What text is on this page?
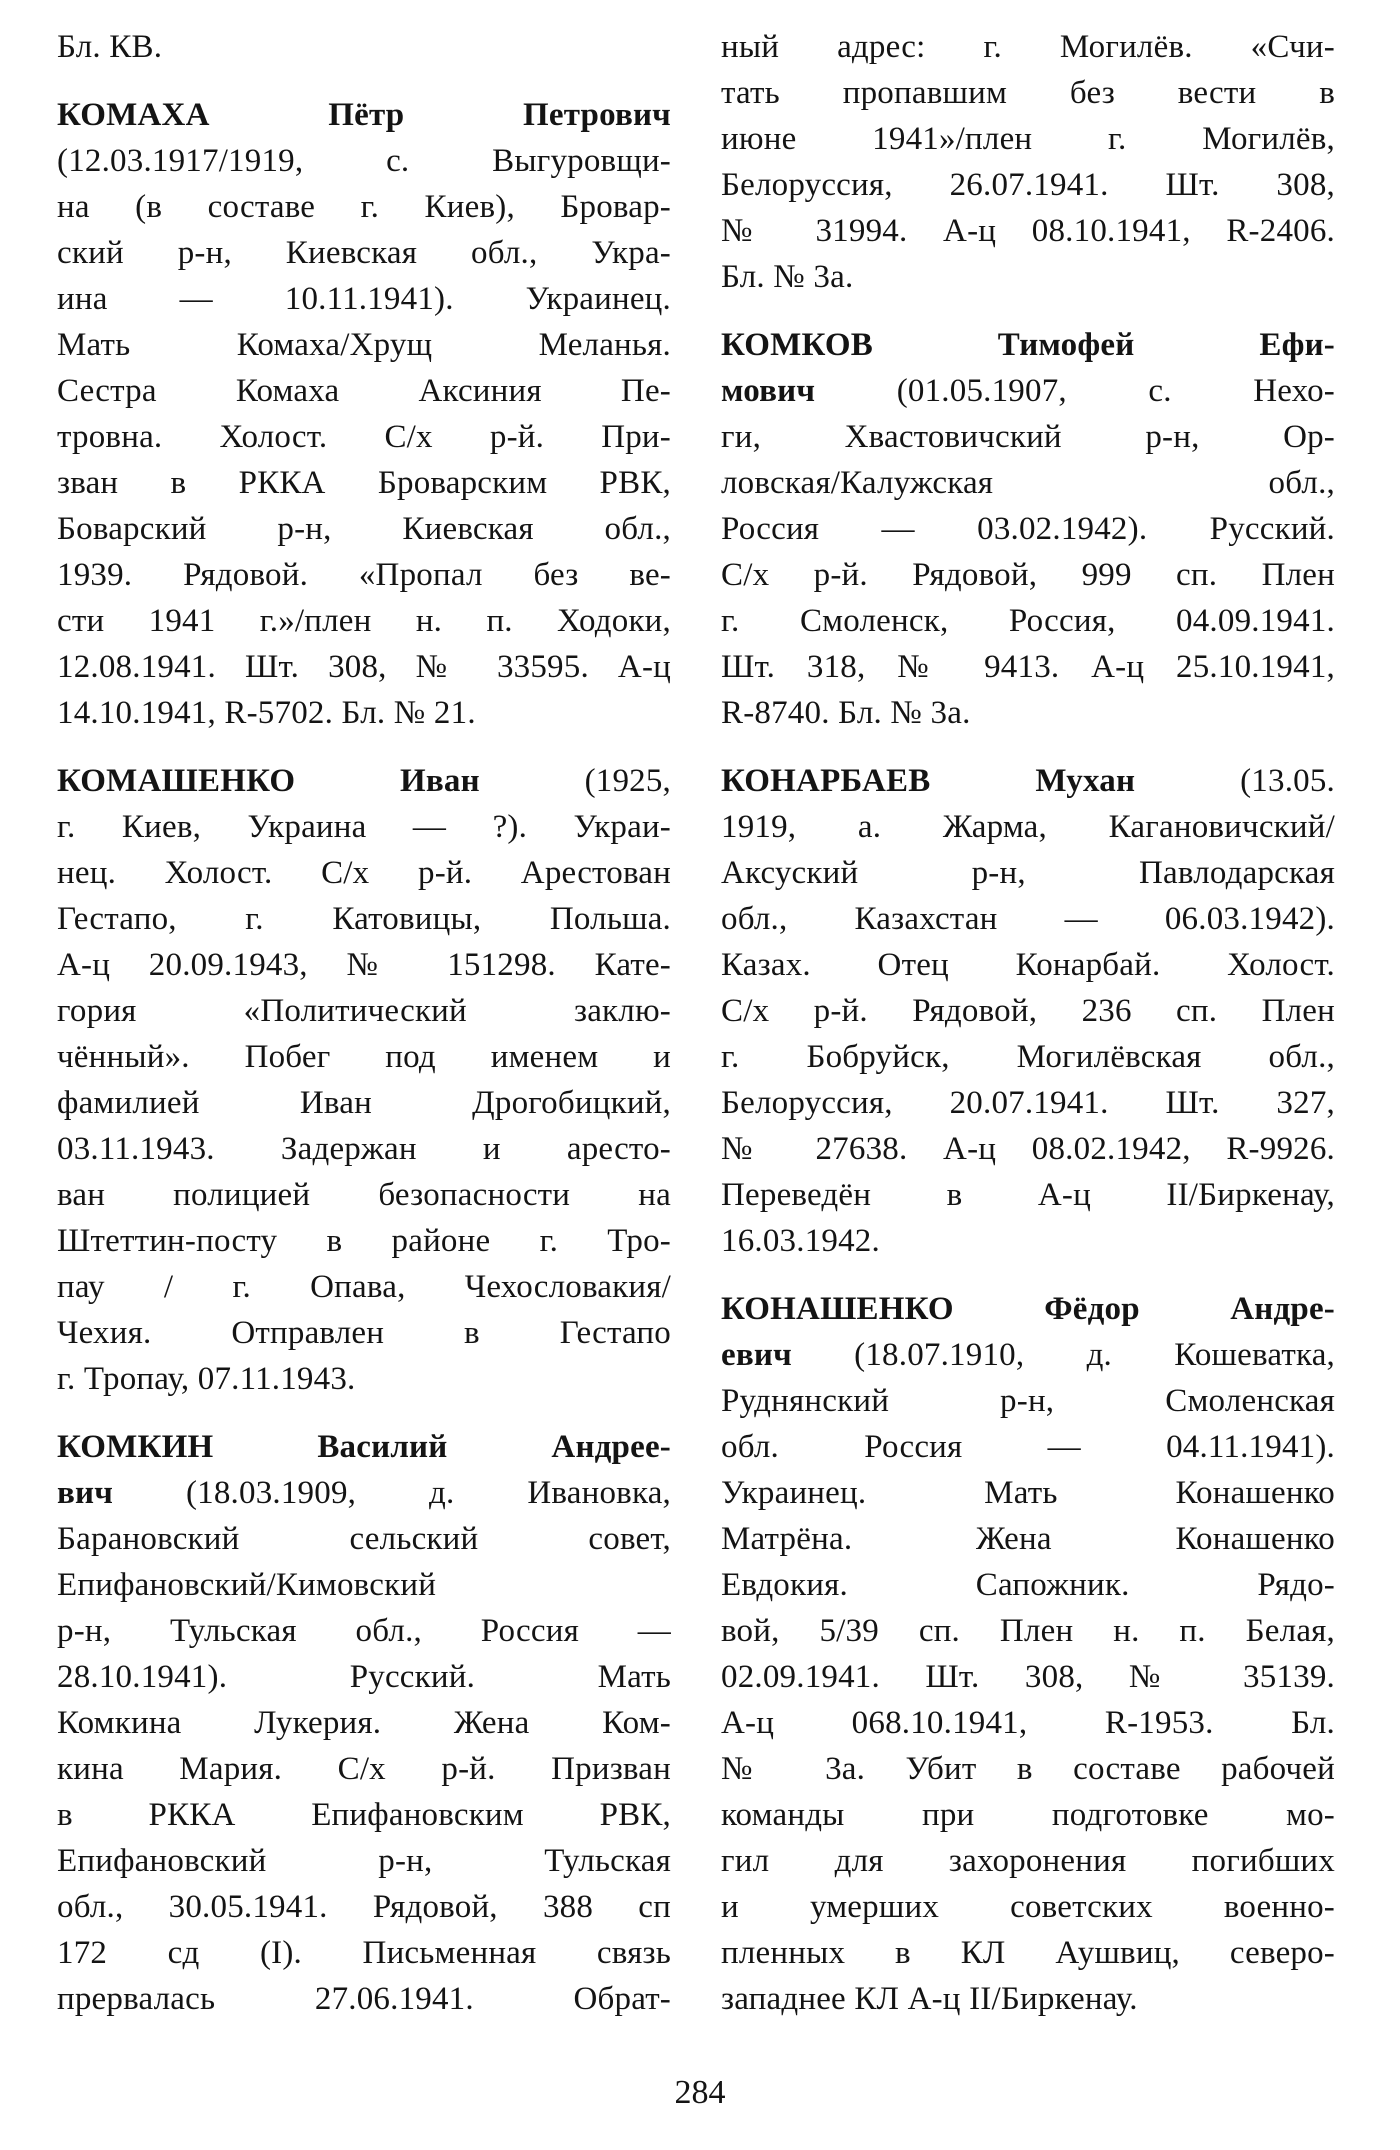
Бл. КВ.
КОМАХА Пётр Петрович
(12.03.1917/1919, с. Выгуровщи-
на (в составе г. Киев), Бровар-
ский р-н, Киевская обл., Укра-
ина — 10.11.1941). Украинец.
Мать Комаха/Хрущ Меланья.
Сестра Комаха Аксиния Пе-
тровна. Холост. С/х р-й. При-
зван в РККА Броварским РВК,
Боварский р-н, Киевская обл.,
1939. Рядовой. «Пропал без ве-
сти 1941 г.»/плен н. п. Ходоки,
12.08.1941. Шт. 308, № 33595. А-ц
14.10.1941, R-5702. Бл. № 21.
КОМАШЕНКО Иван (1925,
г. Киев, Украина — ?). Украи-
нец. Холост. С/х р-й. Арестован
Гестапо, г. Катовицы, Польша.
А-ц 20.09.1943, № 151298. Кате-
гория «Политический заклю-
чённый». Побег под именем и
фамилией Иван Дрогобицкий,
03.11.1943. Задержан и аресто-
ван полицией безопасности на
Штеттин-посту в районе г. Тро-
пау / г. Опава, Чехословакия/
Чехия. Отправлен в Гестапо
г. Тропау, 07.11.1943.
КОМКИН Василий Андрее-
вич (18.03.1909, д. Ивановка,
Барановский сельский совет,
Епифановский/Кимовский
р-н, Тульская обл., Россия —
28.10.1941). Русский. Мать
Комкина Лукерия. Жена Ком-
кина Мария. С/х р-й. Призван
в РККА Епифановским РВК,
Епифановский р-н, Тульская
обл., 30.05.1941. Рядовой, 388 сп
172 сд (I). Письменная связь
прервалась 27.06.1941. Обрат-
ный адрес: г. Могилёв. «Счи-
тать пропавшим без вести в
июне 1941»/плен г. Могилёв,
Белоруссия, 26.07.1941. Шт. 308,
№ 31994. А-ц 08.10.1941, R-2406.
Бл. № 3а.
КОМКОВ Тимофей Ефи-
мович (01.05.1907, с. Нехо-
ги, Хвастовичский р-н, Ор-
ловская/Калужская обл.,
Россия — 03.02.1942). Русский.
С/х р-й. Рядовой, 999 сп. Плен
г. Смоленск, Россия, 04.09.1941.
Шт. 318, № 9413. А-ц 25.10.1941,
R-8740. Бл. № 3а.
КОНАРБАЕВ Мухан (13.05.
1919, а. Жарма, Кагановичский/
Аксуский р-н, Павлодарская
обл., Казахстан — 06.03.1942).
Казах. Отец Конарбай. Холост.
С/х р-й. Рядовой, 236 сп. Плен
г. Бобруйск, Могилёвская обл.,
Белоруссия, 20.07.1941. Шт. 327,
№ 27638. А-ц 08.02.1942, R-9926.
Переведён в А-ц II/Биркенау,
16.03.1942.
КОНАШЕНКО Фёдор Андре-
евич (18.07.1910, д. Кошеватка,
Руднянский р-н, Смоленская
обл. Россия — 04.11.1941).
Украинец. Мать Конашенко
Матрёна. Жена Конашенко
Евдокия. Сапожник. Рядо-
вой, 5/39 сп. Плен н. п. Белая,
02.09.1941. Шт. 308, № 35139.
А-ц 068.10.1941, R-1953. Бл.
№ 3а. Убит в составе рабочей
команды при подготовке мо-
гил для захоронения погибших
и умерших советских военно-
пленных в КЛ Аушвиц, северо-
западнее КЛ А-ц II/Биркенау.
284
